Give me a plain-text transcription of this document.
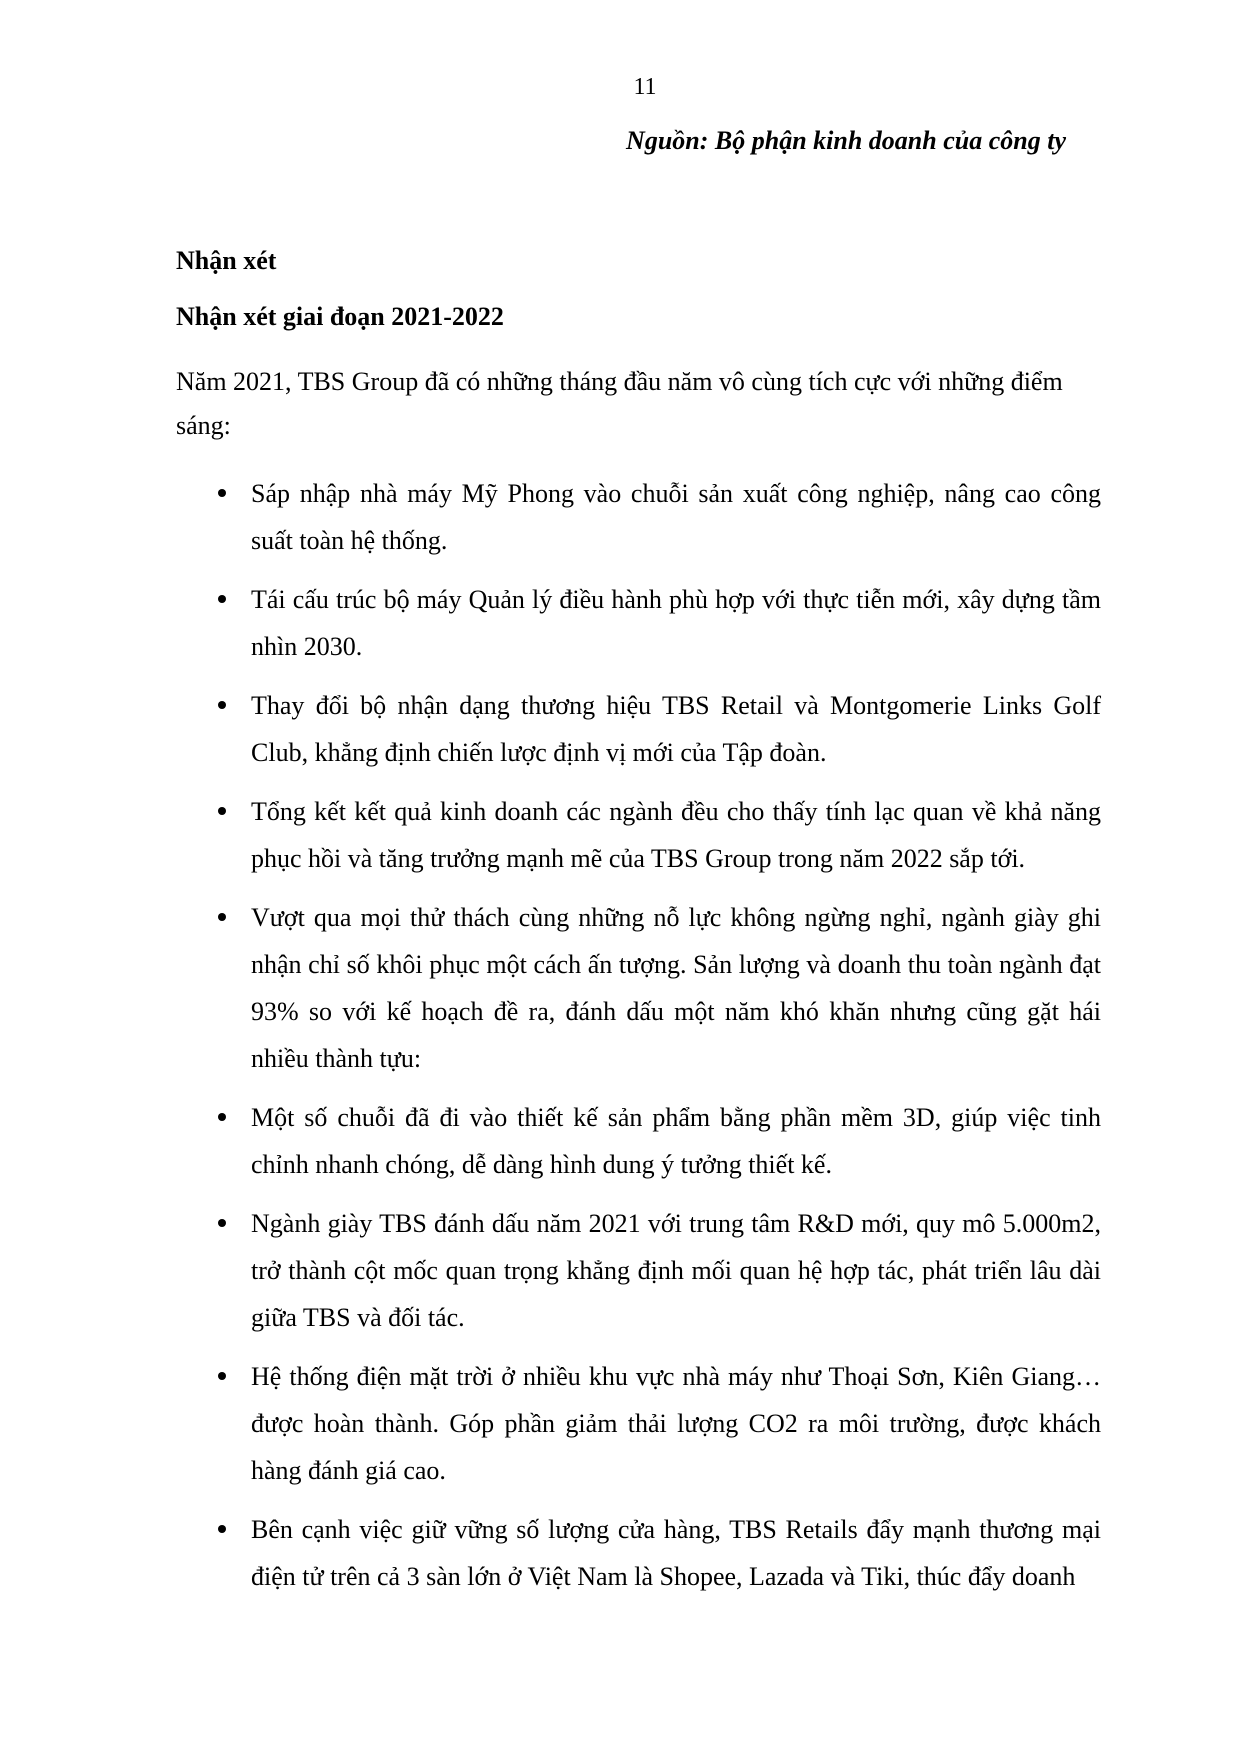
11
Nguồn: Bộ phận kinh doanh của công ty
Nhận xét
Nhận xét giai đoạn 2021-2022

Năm 2021, TBS Group đã có những tháng đầu năm vô cùng tích cực với những điểm sáng:

Sáp nhập nhà máy Mỹ Phong vào chuỗi sản xuất công nghiệp, nâng cao công suất toàn hệ thống.
Tái cấu trúc bộ máy Quản lý điều hành phù hợp với thực tiễn mới, xây dựng tầm nhìn 2030.
Thay đổi bộ nhận dạng thương hiệu TBS Retail và Montgomerie Links Golf Club, khẳng định chiến lược định vị mới của Tập đoàn.
Tổng kết kết quả kinh doanh các ngành đều cho thấy tính lạc quan về khả năng phục hồi và tăng trưởng mạnh mẽ của TBS Group trong năm 2022 sắp tới.
Vượt qua mọi thử thách cùng những nỗ lực không ngừng nghỉ, ngành giày ghi nhận chỉ số khôi phục một cách ấn tượng. Sản lượng và doanh thu toàn ngành đạt 93% so với kế hoạch đề ra, đánh dấu một năm khó khăn nhưng cũng gặt hái nhiều thành tựu:
Một số chuỗi đã đi vào thiết kế sản phẩm bằng phần mềm 3D, giúp việc tinh chỉnh nhanh chóng, dễ dàng hình dung ý tưởng thiết kế.
Ngành giày TBS đánh dấu năm 2021 với trung tâm R&D mới, quy mô 5.000m2, trở thành cột mốc quan trọng khẳng định mối quan hệ hợp tác, phát triển lâu dài giữa TBS và đối tác.
Hệ thống điện mặt trời ở nhiều khu vực nhà máy như Thoại Sơn, Kiên Giang… được hoàn thành. Góp phần giảm thải lượng CO2 ra môi trường, được khách hàng đánh giá cao.
Bên cạnh việc giữ vững số lượng cửa hàng, TBS Retails đẩy mạnh thương mại điện tử trên cả 3 sàn lớn ở Việt Nam là Shopee, Lazada và Tiki, thúc đẩy doanh
